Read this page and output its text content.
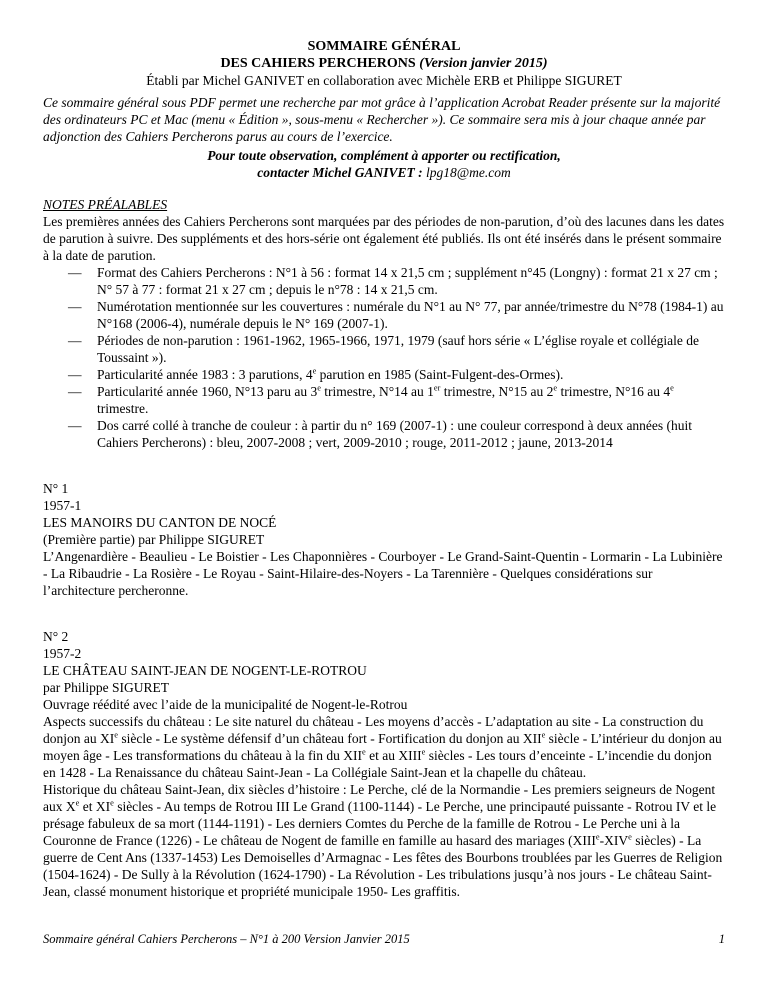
SOMMAIRE GÉNÉRAL
DES CAHIERS PERCHERONS (Version janvier 2015)
Établi par Michel GANIVET en collaboration avec Michèle ERB et Philippe SIGURET

Ce sommaire général sous PDF permet une recherche par mot grâce à l’application Acrobat Reader présente sur la majorité des ordinateurs PC et Mac (menu « Édition », sous-menu « Rechercher »). Ce sommaire sera mis à jour chaque année par adjonction des Cahiers Percherons parus au cours de l’exercice.

Pour toute observation, complément à apporter ou rectification,
contacter Michel GANIVET : lpg18@me.com
NOTES PRÉALABLES

Les premières années des Cahiers Percherons sont marquées par des périodes de non-parution, d’où des lacunes dans les dates de parution à suivre. Des suppléments et des hors-série ont également été publiés. Ils ont été insérés dans le présent sommaire à la date de parution.

— Format des Cahiers Percherons : N°1 à 56 : format 14 x 21,5 cm ; supplément n°45 (Longny) : format 21 x 27 cm ; N° 57 à 77 : format 21 x 27 cm ; depuis le n°78 : 14 x 21,5 cm.
— Numérotation mentionnée sur les couvertures : numérale du N°1 au N° 77, par année/trimestre du N°78 (1984-1) au N°168 (2006-4), numérale depuis le N° 169 (2007-1).
— Périodes de non-parution : 1961-1962, 1965-1966, 1971, 1979 (sauf hors série « L’église royale et collégiale de Toussaint »).
— Particularité année 1983 : 3 parutions, 4e parution en 1985 (Saint-Fulgent-des-Ormes).
— Particularité année 1960, N°13 paru au 3e trimestre, N°14 au 1er trimestre, N°15 au 2e trimestre, N°16 au 4e trimestre.
— Dos carré collé à tranche de couleur : à partir du n° 169 (2007-1) : une couleur correspond à deux années (huit Cahiers Percherons) : bleu, 2007-2008 ; vert, 2009-2010 ; rouge, 2011-2012 ; jaune, 2013-2014
N° 1
1957-1
LES MANOIRS DU CANTON DE NOCÉ
(Première partie) par Philippe SIGURET

L’Angenardière - Beaulieu - Le Boistier - Les Chaponnières - Courboyer - Le Grand-Saint-Quentin - Lormarin - La Lubinière - La Ribaudrie - La Rosière - Le Royau - Saint-Hilaire-des-Noyers - La Tarennière - Quelques considérations sur l’architecture percheronne.

N° 2
1957-2
LE CHÂTEAU SAINT-JEAN DE NOGENT-LE-ROTROU
par Philippe SIGURET
Ouvrage réédité avec l’aide de la municipalité de Nogent-le-Rotrou

Aspects successifs du château : Le site naturel du château - Les moyens d’accès - L’adaptation au site - La construction du donjon au XIe siècle - Le système défensif d’un château fort - Fortification du donjon au XIIe siècle - L’intérieur du donjon au moyen âge - Les transformations du château à la fin du XIIe et au XIIIe siècles - Les tours d’enceinte - L’incendie du donjon en 1428 - La Renaissance du château Saint-Jean - La Collégiale Saint-Jean et la chapelle du château.

Historique du château Saint-Jean, dix siècles d’histoire : Le Perche, clé de la Normandie - Les premiers seigneurs de Nogent aux Xe et XIe siècles - Au temps de Rotrou III Le Grand (1100-1144) - Le Perche, une principauté puissante - Rotrou IV et le présage fabuleux de sa mort (1144-1191) - Les derniers Comtes du Perche de la famille de Rotrou - Le Perche uni à la Couronne de France (1226) - Le château de Nogent de famille en famille au hasard des mariages (XIIIe-XIVe siècles) - La guerre de Cent Ans (1337-1453) Les Demoiselles d’Armagnac - Les fêtes des Bourbons troublées par les Guerres de Religion (1504-1624) - De Sully à la Révolution (1624-1790) - La Révolution - Les tribulations jusqu’à nos jours - Le château Saint-Jean, classé monument historique et propriété municipale 1950- Les graffitis.

Sommaire général Cahiers Percherons – N°1 à 200 Version Janvier 2015	1
